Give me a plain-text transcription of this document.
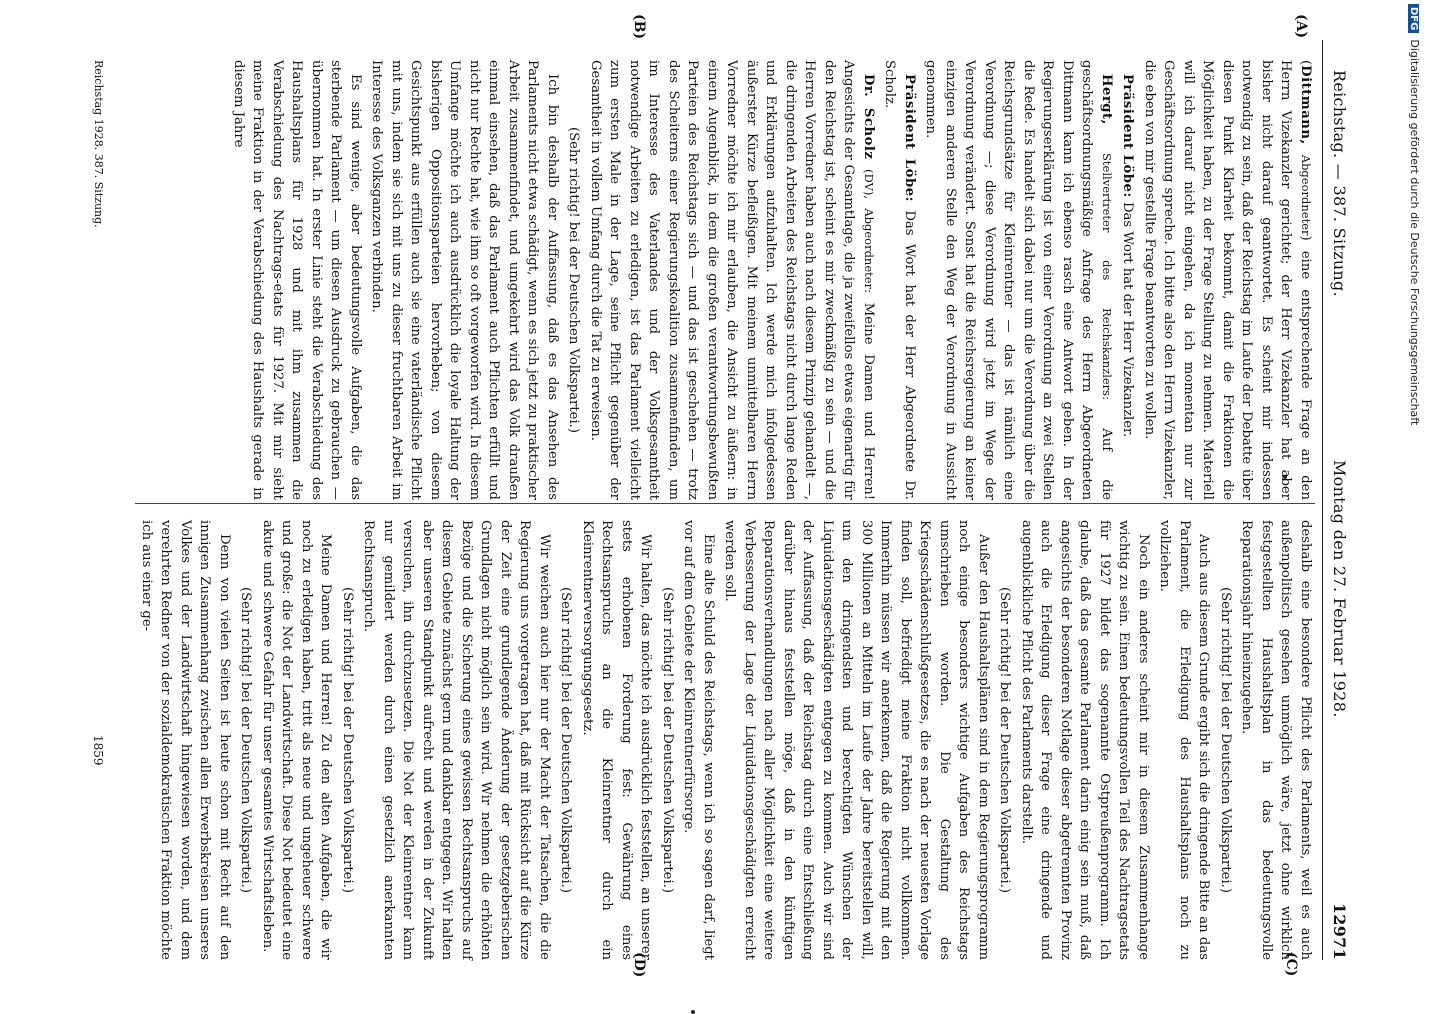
Reichstag. — 387. Sitzung.
Montag den 27. Februar 1928.
12971
(A)
(B)
(C)
(D)

(Dittmann, Abgeordneter) eine entsprechende Frage an den Herrn Vizekanzler gerichtet; der Herr Vizekanzler hat aber bisher nicht darauf geantwortet. Es scheint mir indessen notwendig zu sein, daß der Reichstag im Laufe der Debatte über diesen Punkt Klarheit bekommt, damit die Fraktionen die Möglichkeit haben, zu der Frage Stellung zu nehmen. Materiell will ich darauf nicht eingehen, da ich momentan nur zur Geschäftsordnung spreche. Ich bitte also den Herrn Vizekanzler, die eben von mir gestellte Frage beantworten zu wollen.

Präsident Löbe: Das Wort hat der Herr Vizekanzler.

Hergt, Stellvertreter des Reichskanzlers: Auf die geschäftsordnungsmäßige Anfrage des Herrn Abgeordneten Dittmann kann ich ebenso rasch eine Antwort geben. In der Regierungserklärung ist von einer Verordnung an zwei Stellen die Rede. Es handelt sich dabei nur um die Verordnung über die Reichsgrundsätze für Kleinrentner — das ist nämlich eine Verordnung —; diese Verordnung wird jetzt im Wege der Verordnung verändert. Sonst hat die Reichsregierung an keiner einzigen anderen Stelle den Weg der Verordnung in Aussicht genommen.

Präsident Löbe: Das Wort hat der Herr Abgeordnete Dr. Scholz.

Dr. Scholz (DV), Abgeordneter: Meine Damen und Herren! Angesichts der Gesamtlage, die ja zweifellos etwas eigenartig für den Reichstag ist, scheint es mir zweckmäßig zu sein — und die Herren Vorredner haben auch nach diesem Prinzip gehandelt —, die dringenden Arbeiten des Reichstags nicht durch lange Reden und Erklärungen aufzuhalten. Ich werde mich infolgedessen äußerster Kürze befleißigen. Mit meinem unmittelbaren Herrn Vorredner möchte ich mir erlauben, die Ansicht zu äußern: in einem Augenblick, in dem die großen verantwortungsbewußten Parteien des Reichstags sich — und das ist geschehen — trotz des Scheiterns einer Regierungskoalition zusammenfinden, um im Interesse des Vaterlandes und der Volksgesamtheit notwendige Arbeiten zu erledigen, ist das Parlament vielleicht zum ersten Male in der Lage, seine Pflicht gegenüber der Gesamtheit in vollem Umfang durch die Tat zu erweisen.

(Sehr richtig! bei der Deutschen Volkspartei.)

Ich bin deshalb der Auffassung, daß es das Ansehen des Parlaments nicht etwa schädigt, wenn es sich jetzt zu praktischer Arbeit zusammenfindet, und umgekehrt wird das Volk draußen einmal einsehen, daß das Parlament auch Pflichten erfüllt und nicht nur Rechte hat, wie ihm so oft vorgeworfen wird. In diesem Umfange möchte ich auch ausdrücklich die loyale Haltung der bisherigen Oppositionsparteien hervorheben; von diesem Gesichtspunkt aus erfüllen auch sie eine vaterländische Pflicht mit uns, indem sie sich mit uns zu dieser fruchtbaren Arbeit im Interesse des Volksganzen verbinden.

Es sind wenige, aber bedeutungsvolle Aufgaben, die das sterbende Parlament — um diesen Ausdruck zu gebrauchen — übernommen hat. In erster Linie steht die Verabschiedung des Haushaltsplans für 1928 und mit ihm zusammen die Verabschiedung des Nachtrags-etats für 1927. Mit mir sieht meine Fraktion in der Verabschiedung des Haushalts gerade in diesem Jahre

deshalb eine besondere Pflicht des Parlaments, weil es auch außenpolitisch gesehen unmöglich wäre, jetzt ohne wirklich festgestellten Haushaltsplan in das bedeutungsvolle Reparationsjahr hineinzugehen.

(Sehr richtig! bei der Deutschen Volkspartei.)

Auch aus diesem Grunde ergibt sich die dringende Bitte an das Parlament, die Erledigung des Haushaltsplans noch zu vollziehen.

Noch ein anderes scheint mir in diesem Zusammenhange wichtig zu sein. Einen bedeutungsvollen Teil des Nachtragsetats für 1927 bildet das sogenannte Ostpreußenprogramm. Ich glaube, daß das gesamte Parlament darin einig sein muß, daß angesichts der besonderen Notlage dieser abgetrennten Provinz auch die Erledigung dieser Frage eine dringende und augenblickliche Pflicht des Parlaments darstellt.

(Sehr richtig! bei der Deutschen Volkspartei.)

Außer den Haushaltsplänen sind in dem Regierungsprogramm noch einige besonders wichtige Aufgaben des Reichstags umschrieben worden. Die Gestaltung des Kriegsschädenschlußgesetzes, die es nach der neuesten Vorlage finden soll, befriedigt meine Fraktion nicht vollkommen. Immerhin müssen wir anerkennen, daß die Regierung mit den 300 Millionen an Mitteln im Laufe der Jahre bereitstellen will, um den dringendsten und berechtigten Wünschen der Liquidationsgeschädigten entgegen zu kommen. Auch wir sind der Auffassung, daß der Reichstag durch eine Entschließung darüber hinaus feststellen möge, daß in den künftigen Reparationsverhandlungen nach aller Möglichkeit eine weitere Verbesserung der Lage der Liquidationsgeschädigten erreicht werden soll.

Eine alte Schuld des Reichstags, wenn ich so sagen darf, liegt vor auf dem Gebiete der Kleinrentnerfürsorge.

(Sehr richtig! bei der Deutschen Volkspartei.)

Wir halten, das möchte ich ausdrücklich feststellen, an unserer stets erhobenen Forderung fest: Gewährung eines Rechtsanspruchs an die Kleinrentner durch ein Kleinrentnerversorgungsgesetz.

(Sehr richtig! bei der Deutschen Volkspartei.)

Wir weichen auch hier nur der Macht der Tatsachen, die die Regierung uns vorgetragen hat, daß mit Rücksicht auf die Kürze der Zeit eine grundlegende Änderung der gesetzgeberischen Grundlagen nicht möglich sein wird. Wir nehmen die erhöhten Bezüge und die Sicherung eines gewissen Rechtsanspruchs auf diesem Gebiete zunächst gern und dankbar entgegen. Wir halten aber unseren Standpunkt aufrecht und werden in der Zukunft versuchen, ihn durchzusetzen. Die Not der Kleinrentner kann nur gemildert werden durch einen gesetzlich anerkannten Rechtsanspruch.

(Sehr richtig! bei der Deutschen Volkspartei.)

Meine Damen und Herren! Zu den alten Aufgaben, die wir noch zu erledigen haben, tritt als neue und ungeheuer schwere und große: die Not der Landwirtschaft. Diese Not bedeutet eine akute und schwere Gefahr für unser gesamtes Wirtschaftsleben.

(Sehr richtig! bei der Deutschen Volkspartei.)

Denn von vielen Seiten ist heute schon mit Recht auf den innigen Zusammenhang zwischen allen Erwerbskreisen unseres Volkes und der Landwirtschaft hingewiesen worden, und dem verehrten Redner von der sozialdemokratischen Fraktion möchte ich aus einer ge-

Reichstag 1928. 387. Sitzung.
1859
DFGDigitalisierung gefördert durch die Deutsche Forschungsgemeinschaft
